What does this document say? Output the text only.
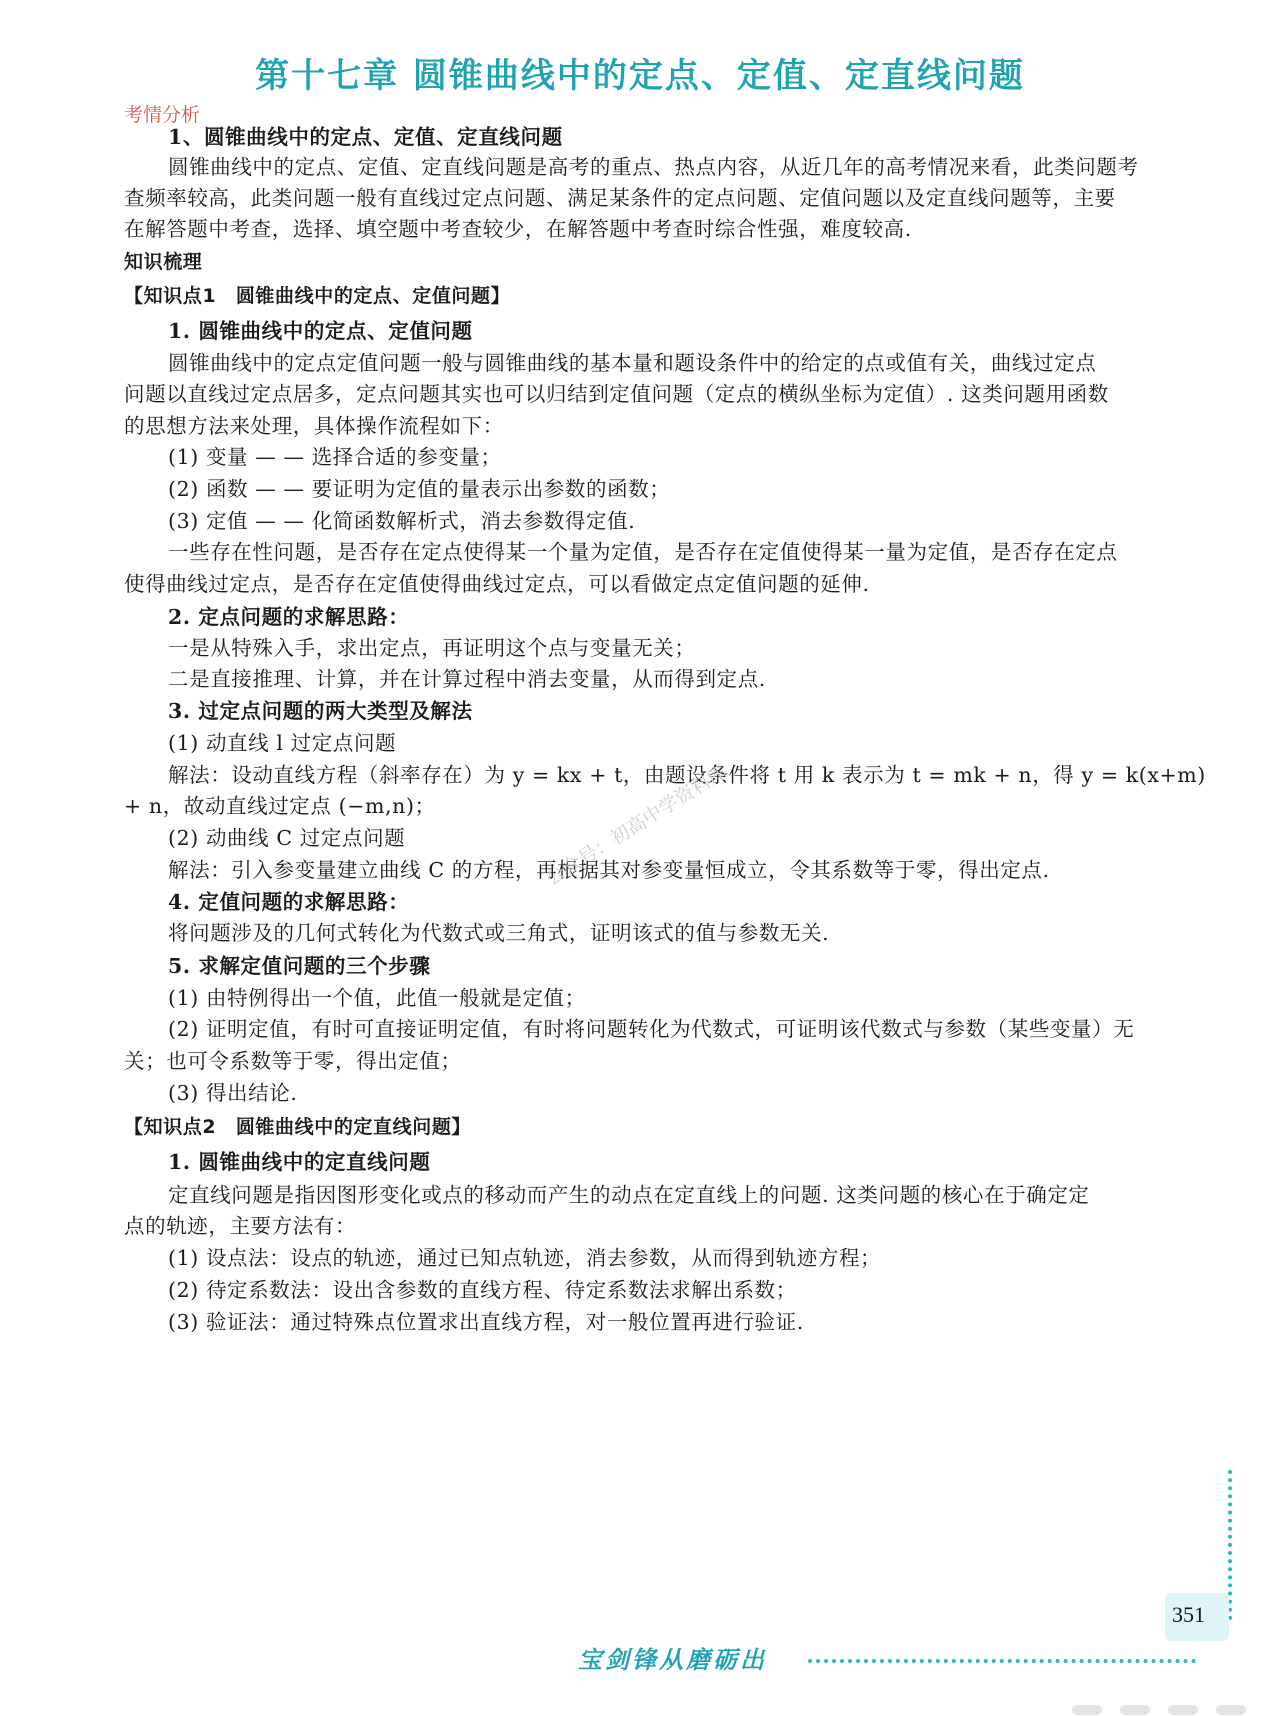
第十七章 圆锥曲线中的定点、定值、定直线问题
考情分析
1、圆锥曲线中的定点、定值、定直线问题
圆锥曲线中的定点、定值、定直线问题是高考的重点、热点内容，从近几年的高考情况来看，此类问题考
查频率较高，此类问题一般有直线过定点问题、满足某条件的定点问题、定值问题以及定直线问题等，主要
在解答题中考查，选择、填空题中考查较少，在解答题中考查时综合性强，难度较高.
知识梳理
【知识点1　圆锥曲线中的定点、定值问题】
1. 圆锥曲线中的定点、定值问题
圆锥曲线中的定点定值问题一般与圆锥曲线的基本量和题设条件中的给定的点或值有关，曲线过定点
问题以直线过定点居多，定点问题其实也可以归结到定值问题（定点的横纵坐标为定值）. 这类问题用函数
的思想方法来处理，具体操作流程如下：
(1) 变量 — — 选择合适的参变量；
(2) 函数 — — 要证明为定值的量表示出参数的函数；
(3) 定值 — — 化简函数解析式，消去参数得定值.
一些存在性问题，是否存在定点使得某一个量为定值，是否存在定值使得某一量为定值，是否存在定点
使得曲线过定点，是否存在定值使得曲线过定点，可以看做定点定值问题的延伸.
2. 定点问题的求解思路：
一是从特殊入手，求出定点，再证明这个点与变量无关；
二是直接推理、计算，并在计算过程中消去变量，从而得到定点.
3. 过定点问题的两大类型及解法
(1) 动直线 l 过定点问题
解法：设动直线方程（斜率存在）为 y = kx + t，由题设条件将 t 用 k 表示为 t = mk + n，得 y = k(x+m)
+ n，故动直线过定点 (−m,n)；
(2) 动曲线 C 过定点问题
解法：引入参变量建立曲线 C 的方程，再根据其对参变量恒成立，令其系数等于零，得出定点.
4. 定值问题的求解思路：
将问题涉及的几何式转化为代数式或三角式，证明该式的值与参数无关.
5. 求解定值问题的三个步骤
(1) 由特例得出一个值，此值一般就是定值；
(2) 证明定值，有时可直接证明定值，有时将问题转化为代数式，可证明该代数式与参数（某些变量）无
关；也可令系数等于零，得出定值；
(3) 得出结论.
【知识点2　圆锥曲线中的定直线问题】
1. 圆锥曲线中的定直线问题
定直线问题是指因图形变化或点的移动而产生的动点在定直线上的问题. 这类问题的核心在于确定定
点的轨迹，主要方法有：
(1) 设点法：设点的轨迹，通过已知点轨迹，消去参数，从而得到轨迹方程；
(2) 待定系数法：设出含参数的直线方程、待定系数法求解出系数；
(3) 验证法：通过特殊点位置求出直线方程，对一般位置再进行验证.
公众号：初高中学资料库
351
宝剑锋从磨砺出
